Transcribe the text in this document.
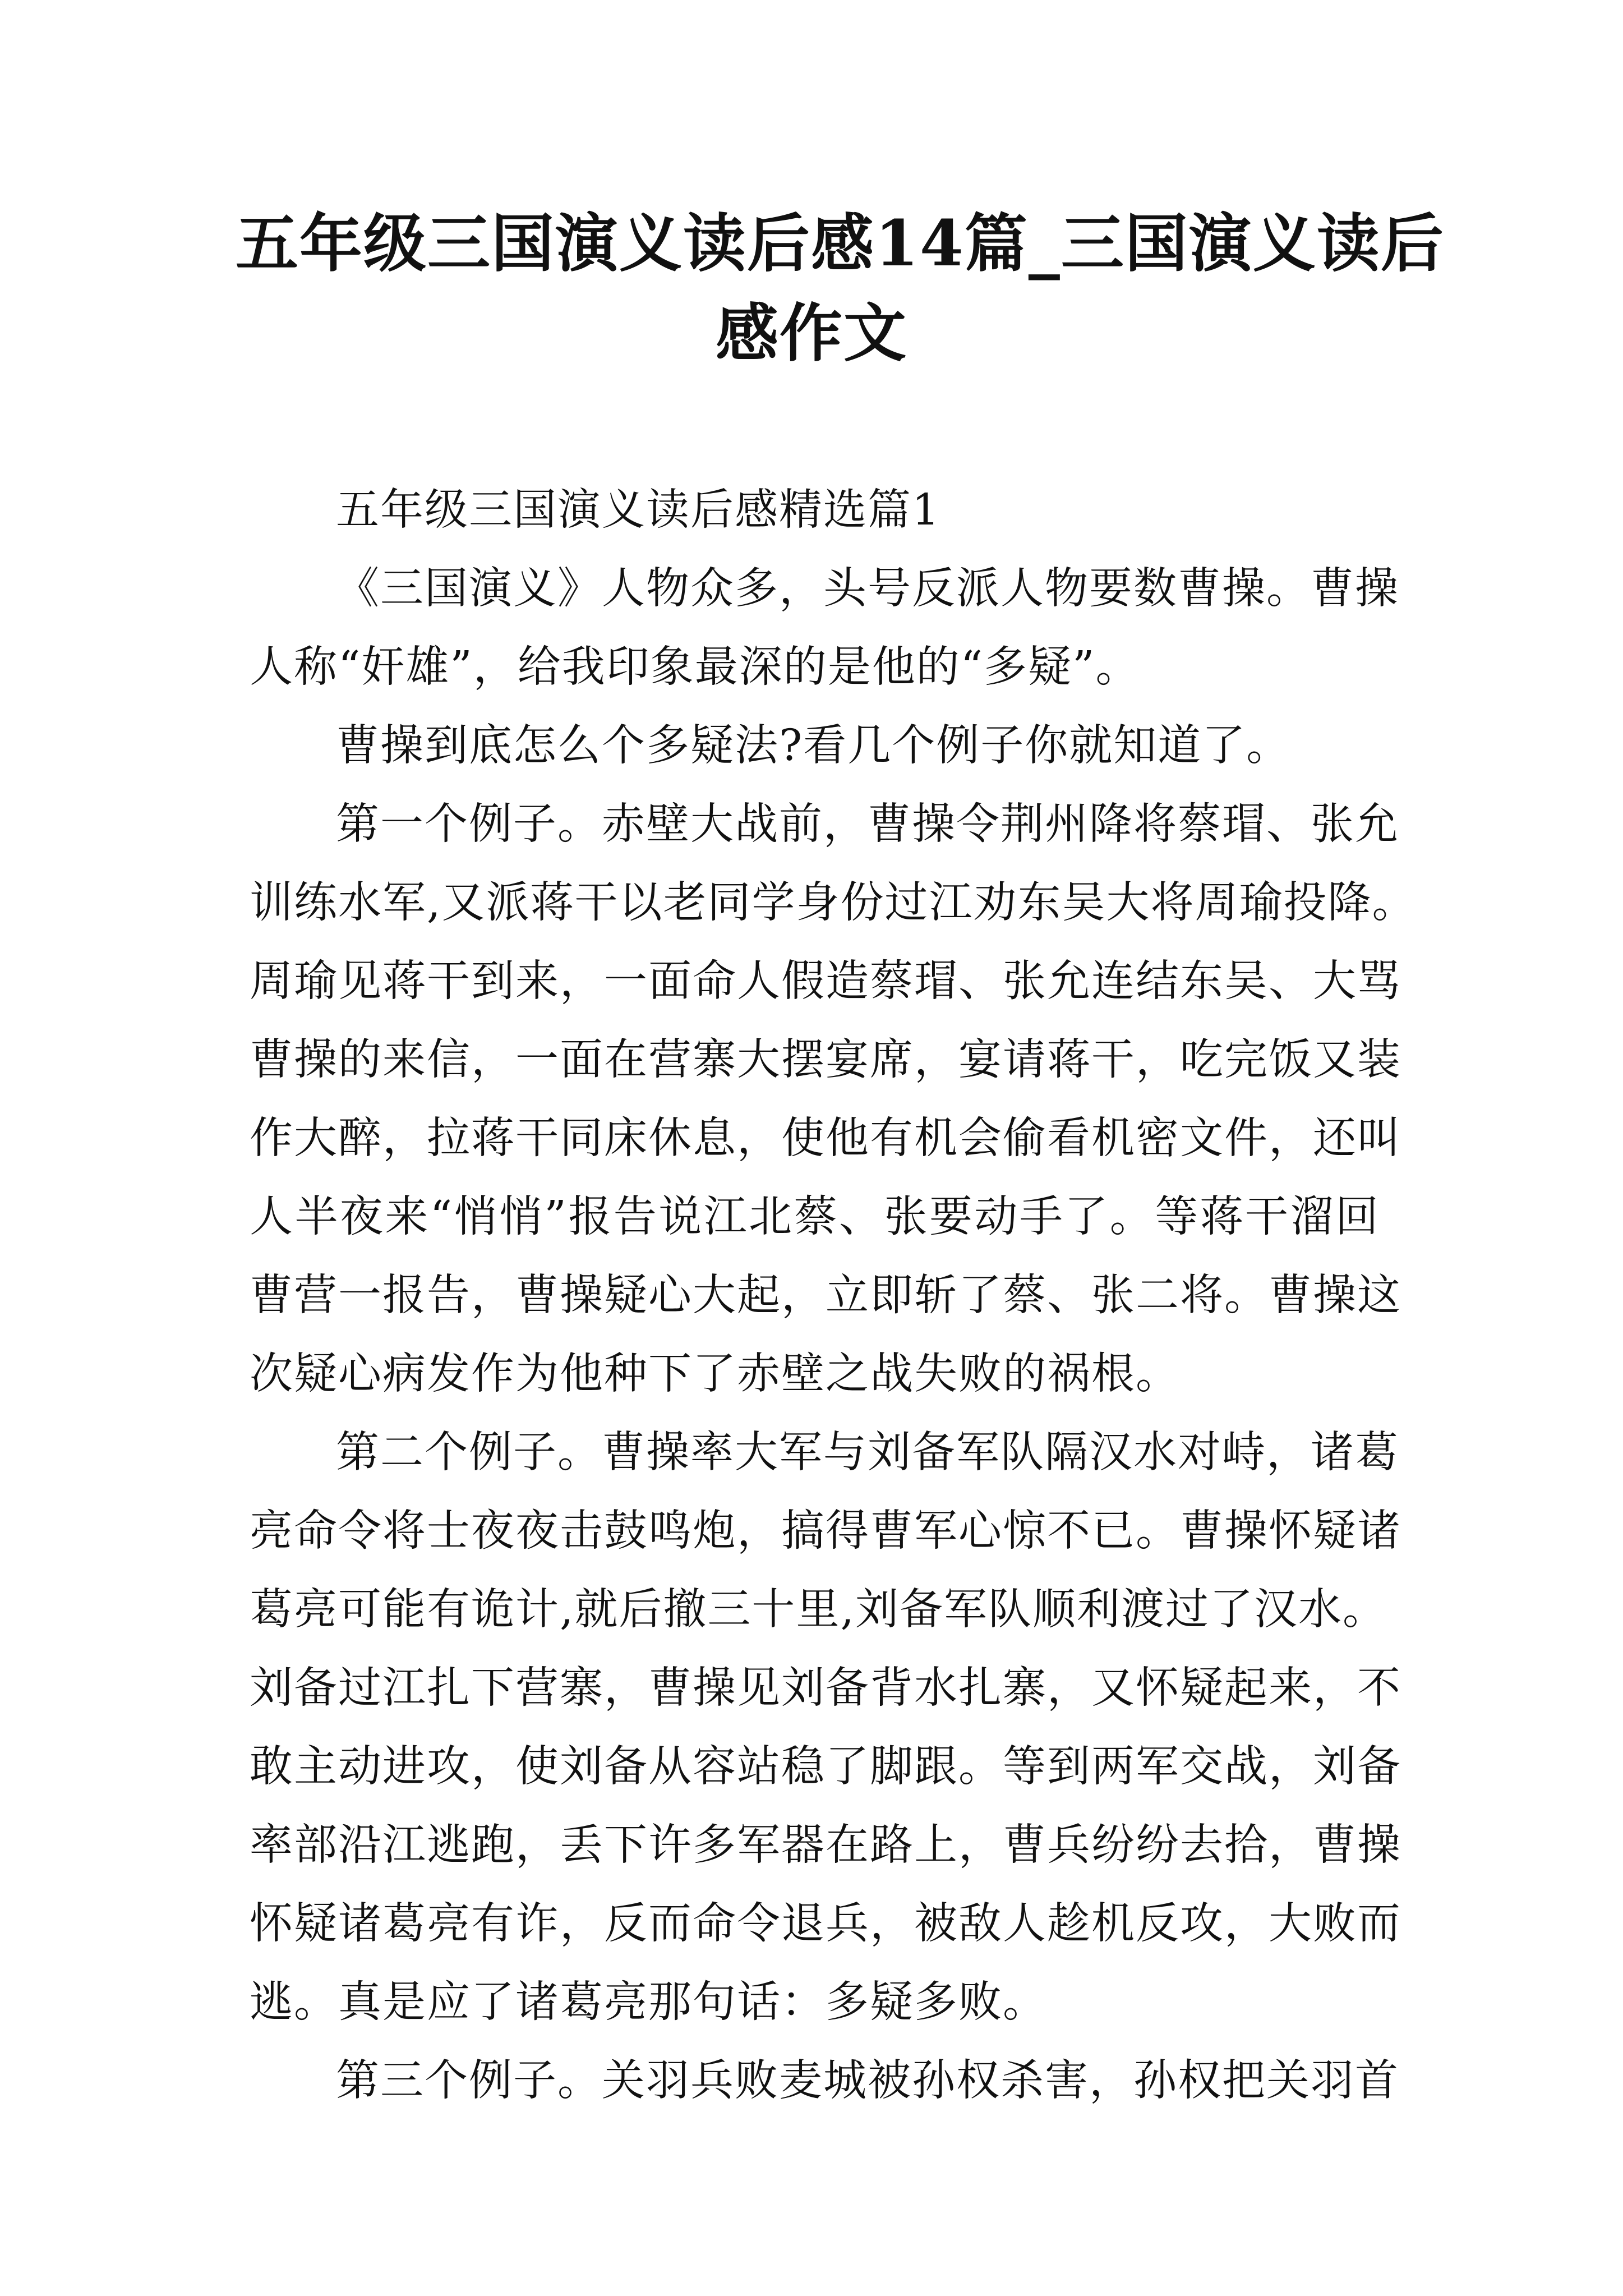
五年级三国演义读后感14篇_三国演义读后
感作文

五年级三国演义读后感精选篇1

《三国演义》人物众多，头号反派人物要数曹操。曹操
人称“奸雄”，给我印象最深的是他的“多疑”。

曹操到底怎么个多疑法?看几个例子你就知道了。

第一个例子。赤壁大战前，曹操令荆州降将蔡瑁、张允
训练水军,又派蒋干以老同学身份过江劝东吴大将周瑜投降。
周瑜见蒋干到来，一面命人假造蔡瑁、张允连结东吴、大骂
曹操的来信，一面在营寨大摆宴席，宴请蒋干，吃完饭又装
作大醉，拉蒋干同床休息，使他有机会偷看机密文件，还叫
人半夜来“悄悄”报告说江北蔡、张要动手了。等蒋干溜回
曹营一报告，曹操疑心大起，立即斩了蔡、张二将。曹操这
次疑心病发作为他种下了赤壁之战失败的祸根。

第二个例子。曹操率大军与刘备军队隔汉水对峙，诸葛
亮命令将士夜夜击鼓鸣炮，搞得曹军心惊不已。曹操怀疑诸
葛亮可能有诡计,就后撤三十里,刘备军队顺利渡过了汉水。
刘备过江扎下营寨，曹操见刘备背水扎寨，又怀疑起来，不
敢主动进攻，使刘备从容站稳了脚跟。等到两军交战，刘备
率部沿江逃跑，丢下许多军器在路上，曹兵纷纷去拾，曹操
怀疑诸葛亮有诈，反而命令退兵，被敌人趁机反攻，大败而
逃。真是应了诸葛亮那句话：多疑多败。

第三个例子。关羽兵败麦城被孙权杀害，孙权把关羽首
